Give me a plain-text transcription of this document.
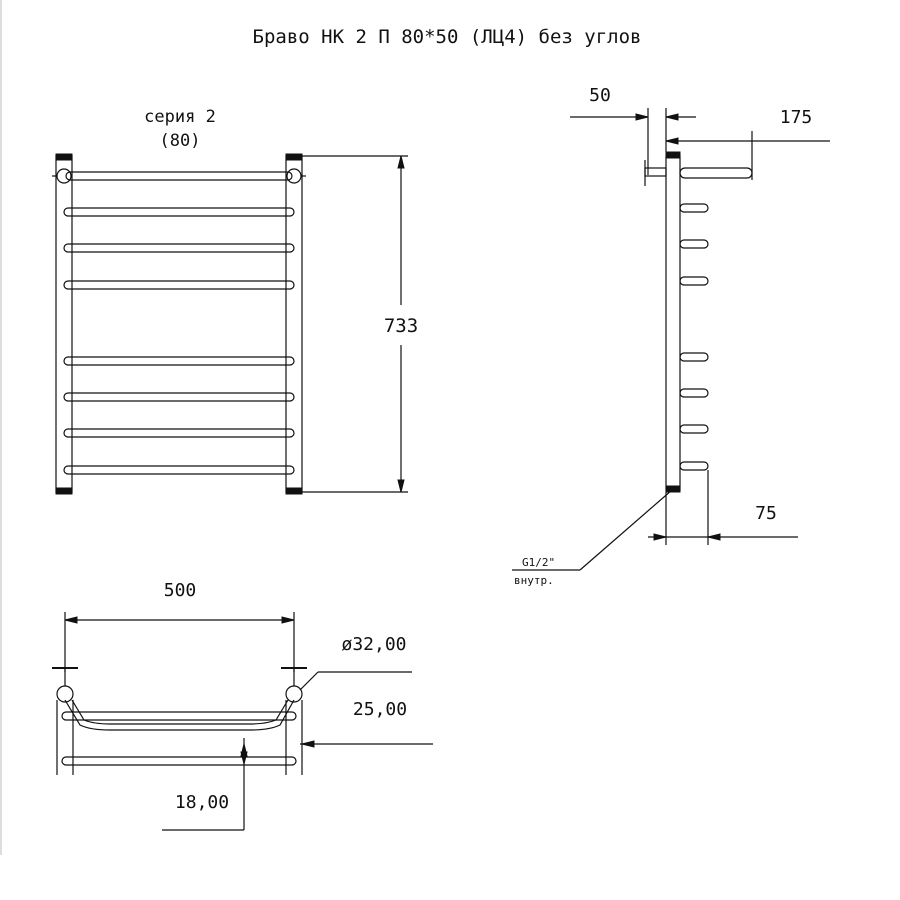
Браво НК 2 П 80*50 (ЛЦ4) без углов
серия 2
(80)
733
50
175
75
G1/2"
внутр.
500
ø32,00
25,00
18,00
